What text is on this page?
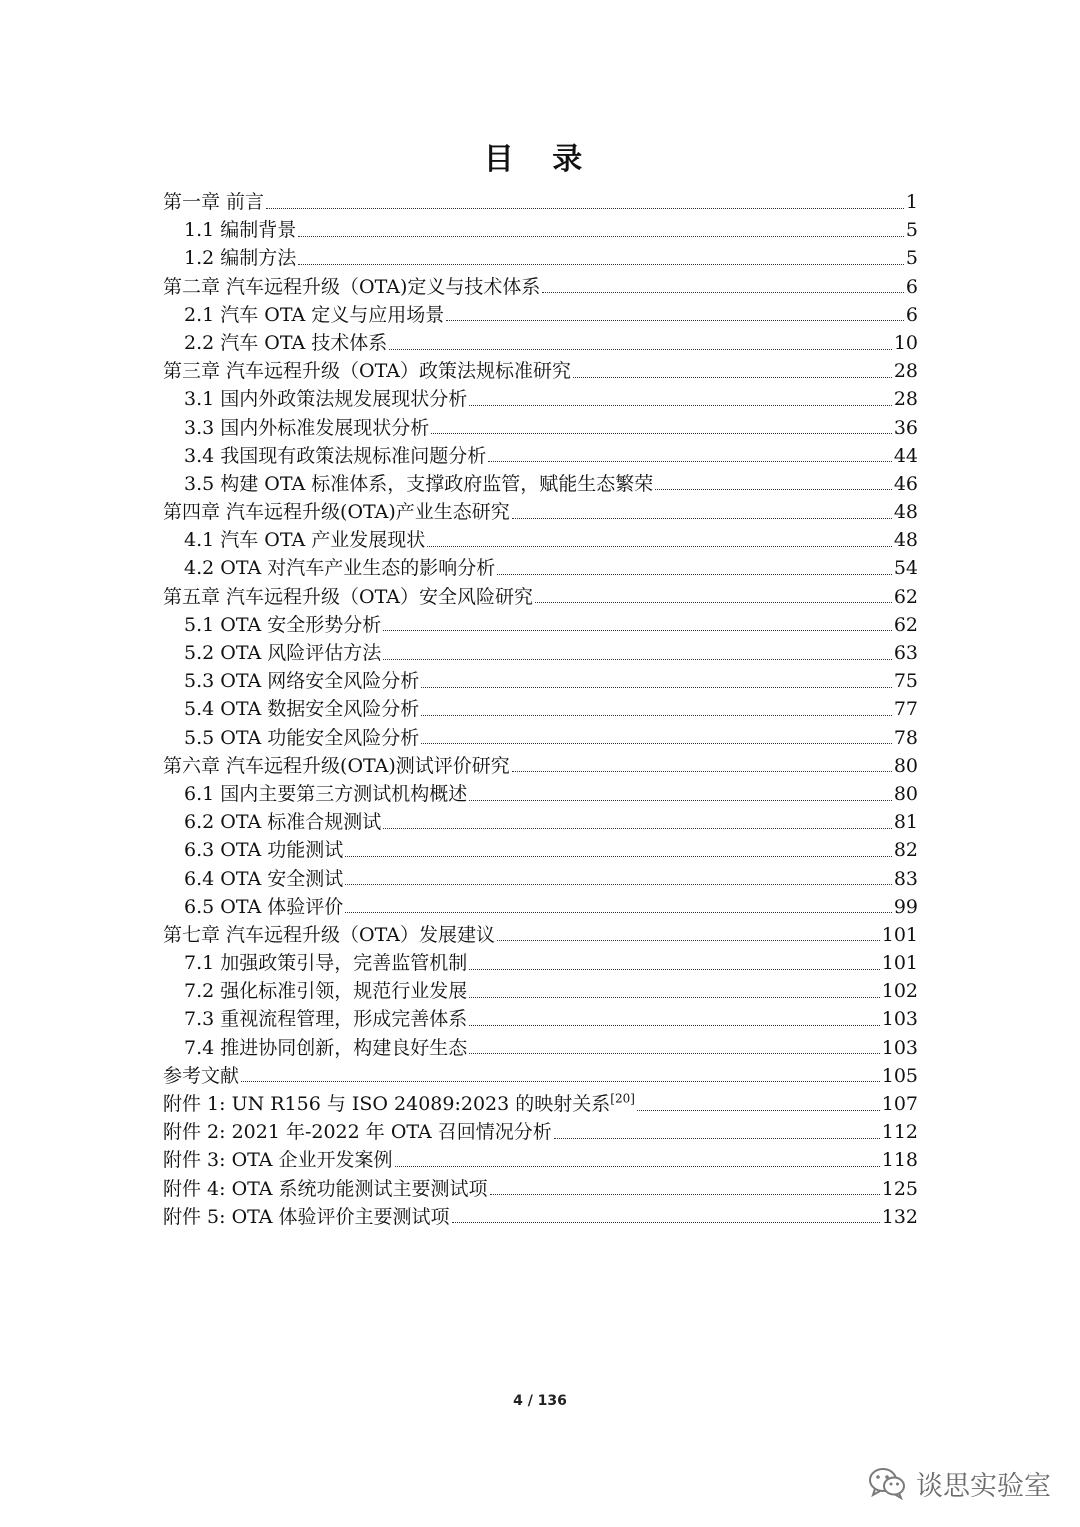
目 录
第一章 前言	1
1.1 编制背景	5
1.2 编制方法	5
第二章 汽车远程升级（OTA)定义与技术体系	6
2.1 汽车 OTA 定义与应用场景	6
2.2 汽车 OTA 技术体系	10
第三章 汽车远程升级（OTA）政策法规标准研究	28
3.1 国内外政策法规发展现状分析	28
3.3 国内外标准发展现状分析	36
3.4 我国现有政策法规标准问题分析	44
3.5 构建 OTA 标准体系，支撑政府监管，赋能生态繁荣	46
第四章 汽车远程升级(OTA)产业生态研究	48
4.1 汽车 OTA 产业发展现状	48
4.2 OTA 对汽车产业生态的影响分析	54
第五章 汽车远程升级（OTA）安全风险研究	62
5.1 OTA 安全形势分析	62
5.2 OTA 风险评估方法	63
5.3 OTA 网络安全风险分析	75
5.4 OTA 数据安全风险分析	77
5.5 OTA 功能安全风险分析	78
第六章 汽车远程升级(OTA)测试评价研究	80
6.1 国内主要第三方测试机构概述	80
6.2 OTA 标准合规测试	81
6.3 OTA 功能测试	82
6.4 OTA 安全测试	83
6.5 OTA 体验评价	99
第七章 汽车远程升级（OTA）发展建议	101
7.1 加强政策引导，完善监管机制	101
7.2 强化标准引领，规范行业发展	102
7.3 重视流程管理，形成完善体系	103
7.4 推进协同创新，构建良好生态	103
参考文献	105
附件 1: UN R156 与 ISO 24089:2023 的映射关系[20]	107
附件 2: 2021 年-2022 年 OTA 召回情况分析	112
附件 3: OTA 企业开发案例	118
附件 4: OTA 系统功能测试主要测试项	125
附件 5: OTA 体验评价主要测试项	132
4 / 136
谈思实验室
